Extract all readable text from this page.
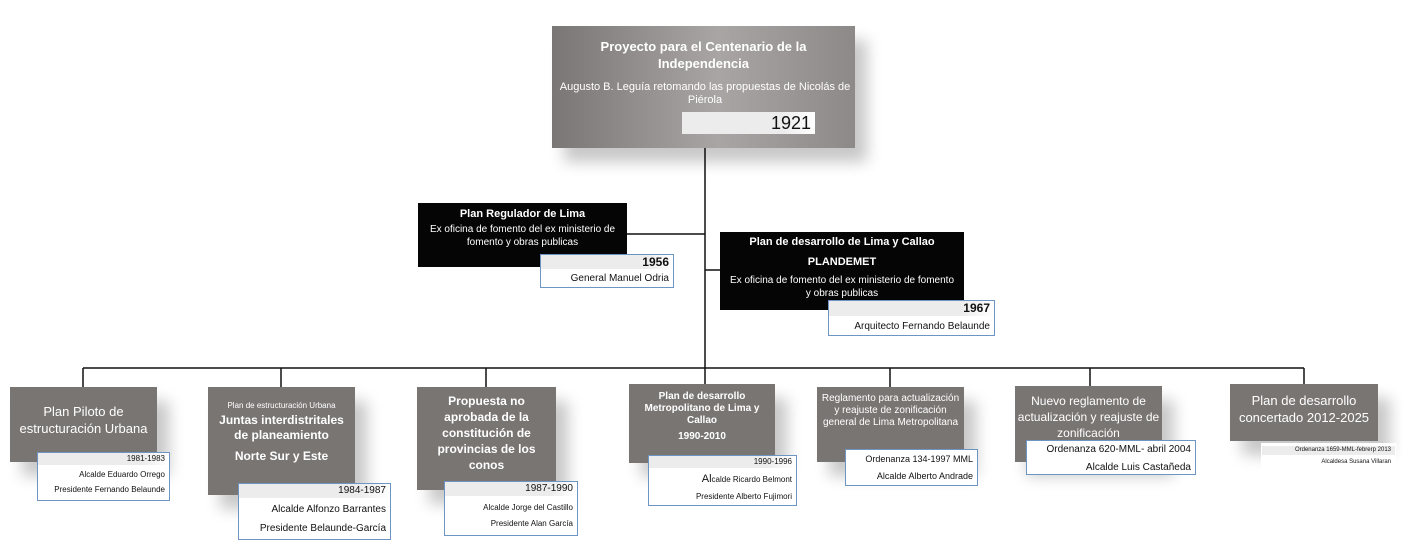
Proyecto para el Centenario de la Independencia
Augusto B. Leguía retomando las propuestas de Nicolás de Piérola
1921
Plan Regulador de Lima
Ex oficina de fomento del ex ministerio de fomento y obras publicas
1956
General Manuel Odria
Plan de desarrollo de Lima y Callao
PLANDEMET
Ex oficina de fomento del ex ministerio de fomento y obras publicas
1967
Arquitecto Fernando Belaunde
Plan Piloto de estructuración Urbana
1981-1983
Alcalde Eduardo Orrego
Presidente Fernando Belaunde
Plan de estructuración Urbana
Juntas interdistritales de planeamiento
Norte Sur y Este
1984-1987
Alcalde Alfonzo Barrantes
Presidente Belaunde-García
Propuesta no aprobada de la constitución de provincias de los conos
1987-1990
Alcalde Jorge del Castillo
Presidente Alan García
Plan de desarrollo Metropolitano de Lima y Callao
1990-2010
1990-1996
Alcalde Ricardo Belmont
Presidente Alberto Fujimori
Reglamento para actualización y reajuste de zonificación general de Lima Metropolitana
Ordenanza 134-1997 MML
Alcalde Alberto Andrade
Nuevo reglamento de actualización y reajuste de zonificación
Ordenanza 620-MML- abril 2004
Alcalde Luis Castañeda
Plan de desarrollo concertado 2012-2025
Ordenanza 1659-MML-febrerp 2013
Alcaldesa Susana Villaran
